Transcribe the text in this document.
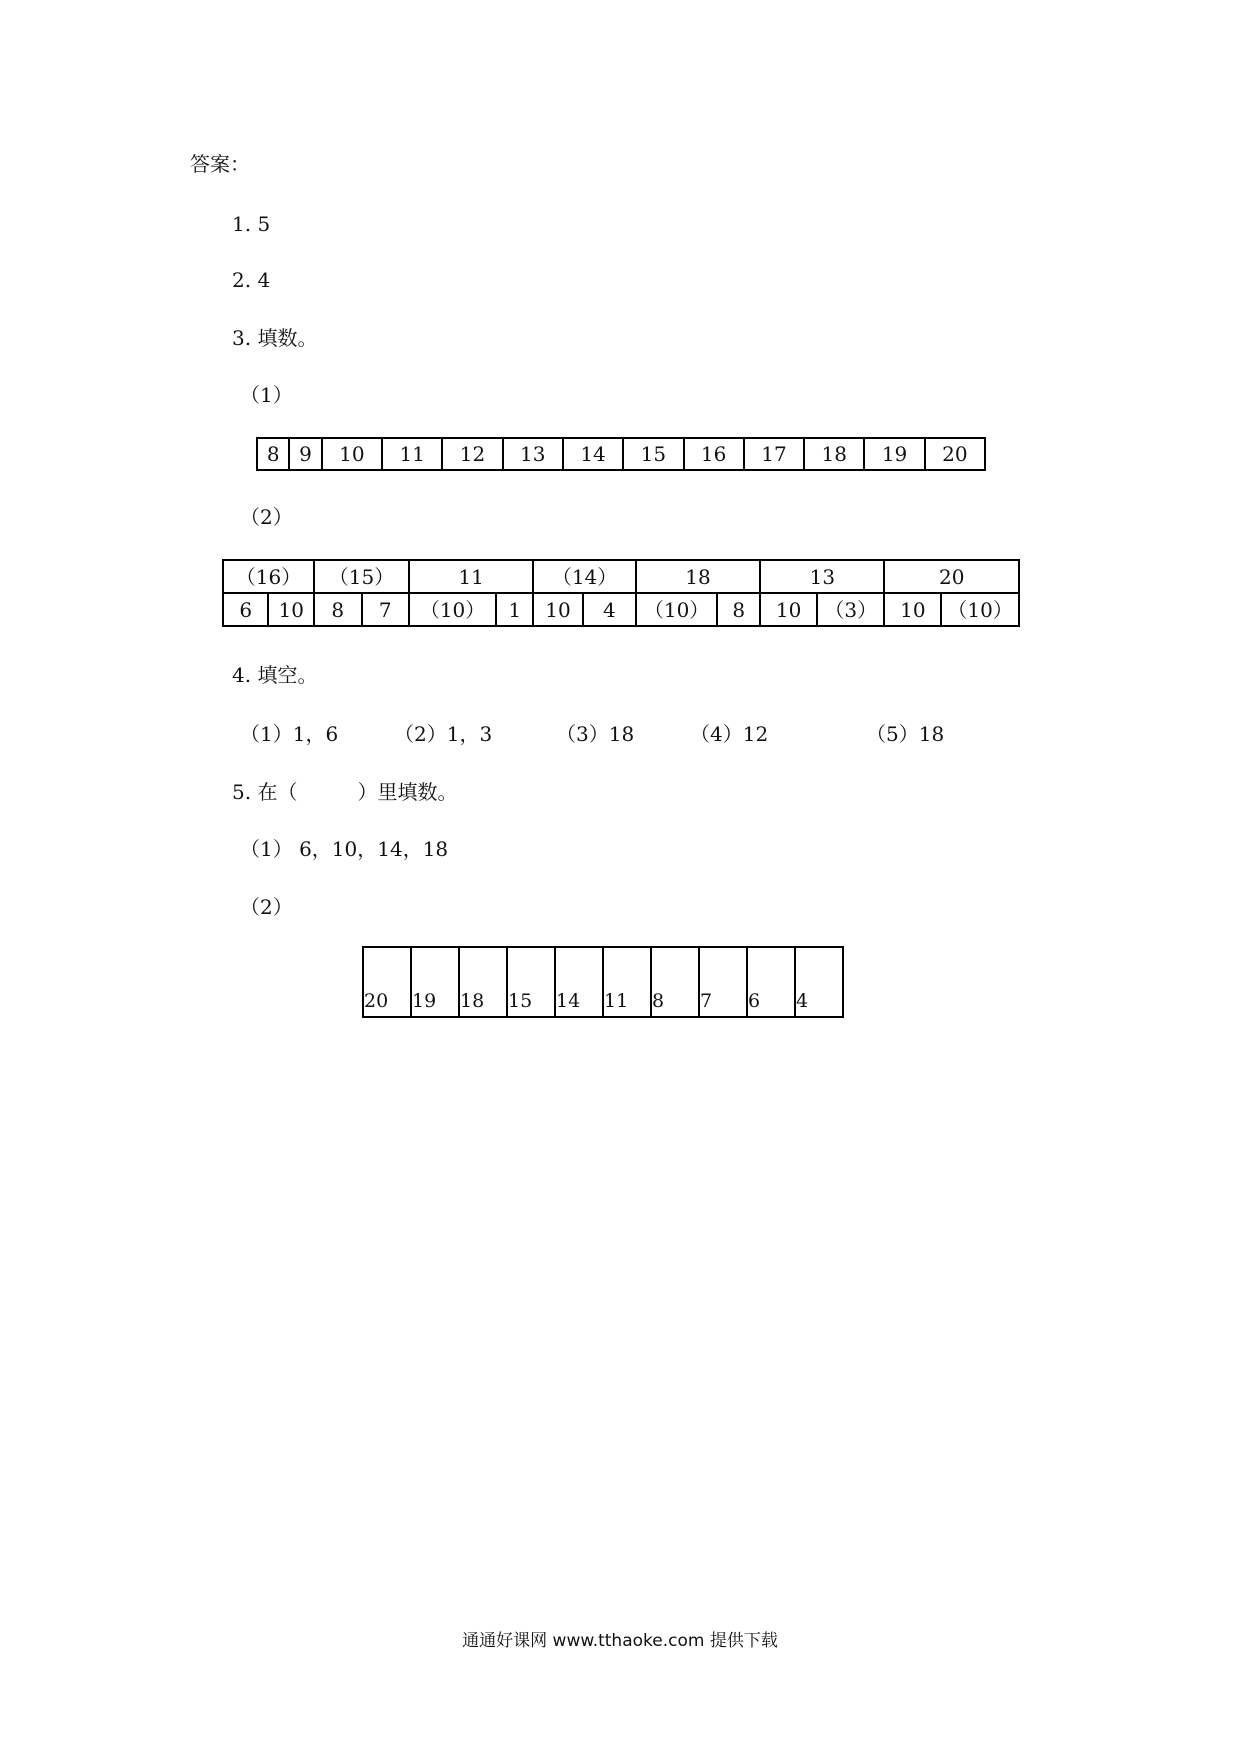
答案：
1. 5
2. 4
3. 填数。
（1）
8	9	10	11	12	13	14	15	16	17	18	19	20
（2）
（16）		（15）		11		（14）		18		13		20	
6	10	8	7	（10）	1	10	4	（10）	8	10	（3）	10	（10）
4. 填空。
（1）1，6	（2）1，3	（3）18	（4）12	（5）18
5. 在（　　　）里填数。
（1） 6，10，14，18
（2）
20	19	18	15	14	11	8	7	6	4
通通好课网 www.tthaoke.com 提供下载
